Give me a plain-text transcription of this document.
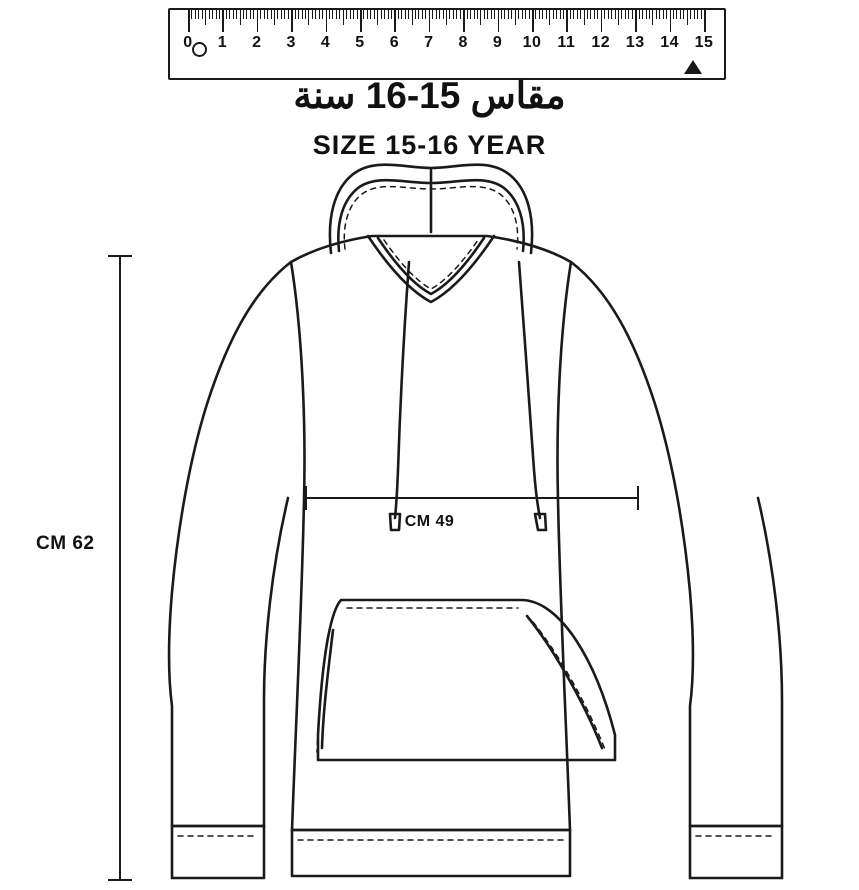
0 1 2 3 4 5 6 7 8 9 10 11 12 13 14 15
مقاس 15-16 سنة
SIZE 15-16 YEAR
CM 62
CM 49
